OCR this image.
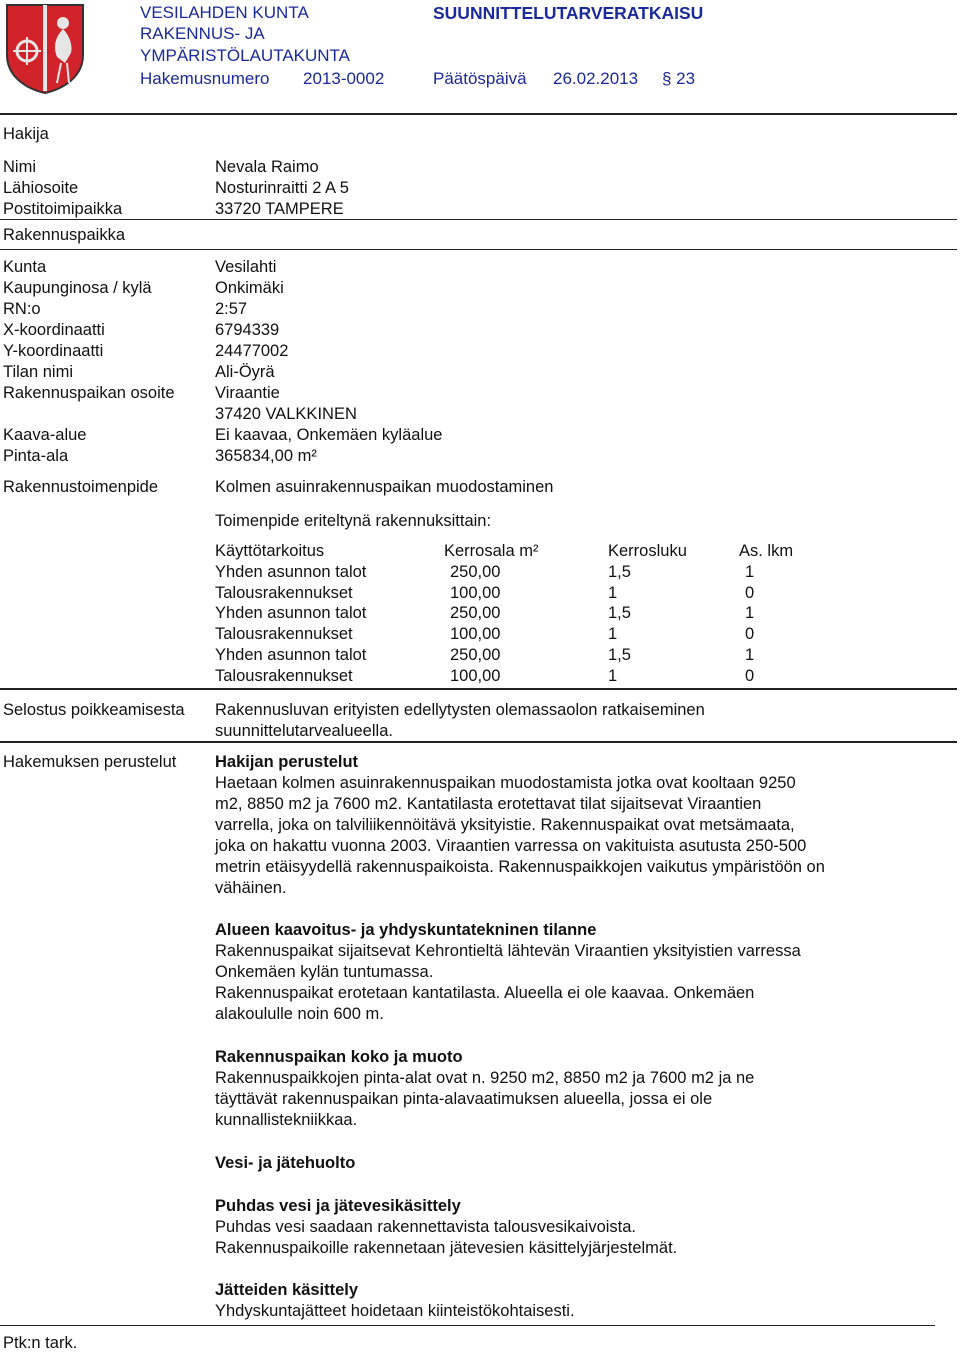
VESILAHDEN KUNTA
RAKENNUS- JA
YMPÄRISTÖLAUTAKUNTA
SUUNNITTELUTARVERATKAISU
Hakemusnumero 2013-0002	Päätöspäivä 26.02.2013 § 23
Hakija
Nimi	Nevala Raimo
Lähiosoite	Nosturinraitti 2 A 5
Postitoimipaikka	33720 TAMPERE
Rakennuspaikka
Kunta	Vesilahti
Kaupunginosa / kylä	Onkimäki
RN:o	2:57
X-koordinaatti	6794339
Y-koordinaatti	24477002
Tilan nimi	Ali-Öyrä
Rakennuspaikan osoite Viraantie
37420 VALKKINEN
Kaava-alue	Ei kaavaa, Onkemäen kyläalue
Pinta-ala	365834,00 m²
Rakennustoimenpide	Kolmen asuinrakennuspaikan muodostaminen
Toimenpide eriteltynä rakennuksittain:
Käyttötarkoitus	Kerrosala m²	Kerrosluku	As. lkm
Yhden asunnon talot	250,00	1,5	1
Talousrakennukset	100,00	1	0
Yhden asunnon talot	250,00	1,5	1
Talousrakennukset	100,00	1	0
Yhden asunnon talot	250,00	1,5	1
Talousrakennukset	100,00	1	0
Selostus poikkeamisesta Rakennusluvan erityisten edellytysten olemassaolon ratkaiseminen
suunnittelutarvealueella.
Hakemuksen perustelut Hakijan perustelut

Haetaan kolmen asuinrakennuspaikan muodostamista jotka ovat kooltaan 9250

m2, 8850 m2 ja 7600 m2. Kantatilasta erotettavat tilat sijaitsevat Viraantien

varrella, joka on talviliikennöitävä yksityistie. Rakennuspaikat ovat metsämaata,

joka on hakattu vuonna 2003. Viraantien varressa on vakituista asutusta 250-500

metrin etäisyydellä rakennuspaikoista. Rakennuspaikkojen vaikutus ympäristöön on

vähäinen.

Alueen kaavoitus- ja yhdyskuntatekninen tilanne

Rakennuspaikat sijaitsevat Kehrontieltä lähtevän Viraantien yksityistien varressa

Onkemäen kylän tuntumassa.

Rakennuspaikat erotetaan kantatilasta. Alueella ei ole kaavaa. Onkemäen

alakoululle noin 600 m.

Rakennuspaikan koko ja muoto

Rakennuspaikkojen pinta-alat ovat n. 9250 m2, 8850 m2 ja 7600 m2 ja ne

täyttävät rakennuspaikan pinta-alavaatimuksen alueella, jossa ei ole

kunnallistekniikkaa.

Vesi- ja jätehuolto

Puhdas vesi ja jätevesikäsittely

Puhdas vesi saadaan rakennettavista talousvesikaivoista.

Rakennuspaikoille rakennetaan jätevesien käsittelyjärjestelmät.

Jätteiden käsittely

Yhdyskuntajätteet hoidetaan kiinteistökohtaisesti.

Ptk:n tark.
